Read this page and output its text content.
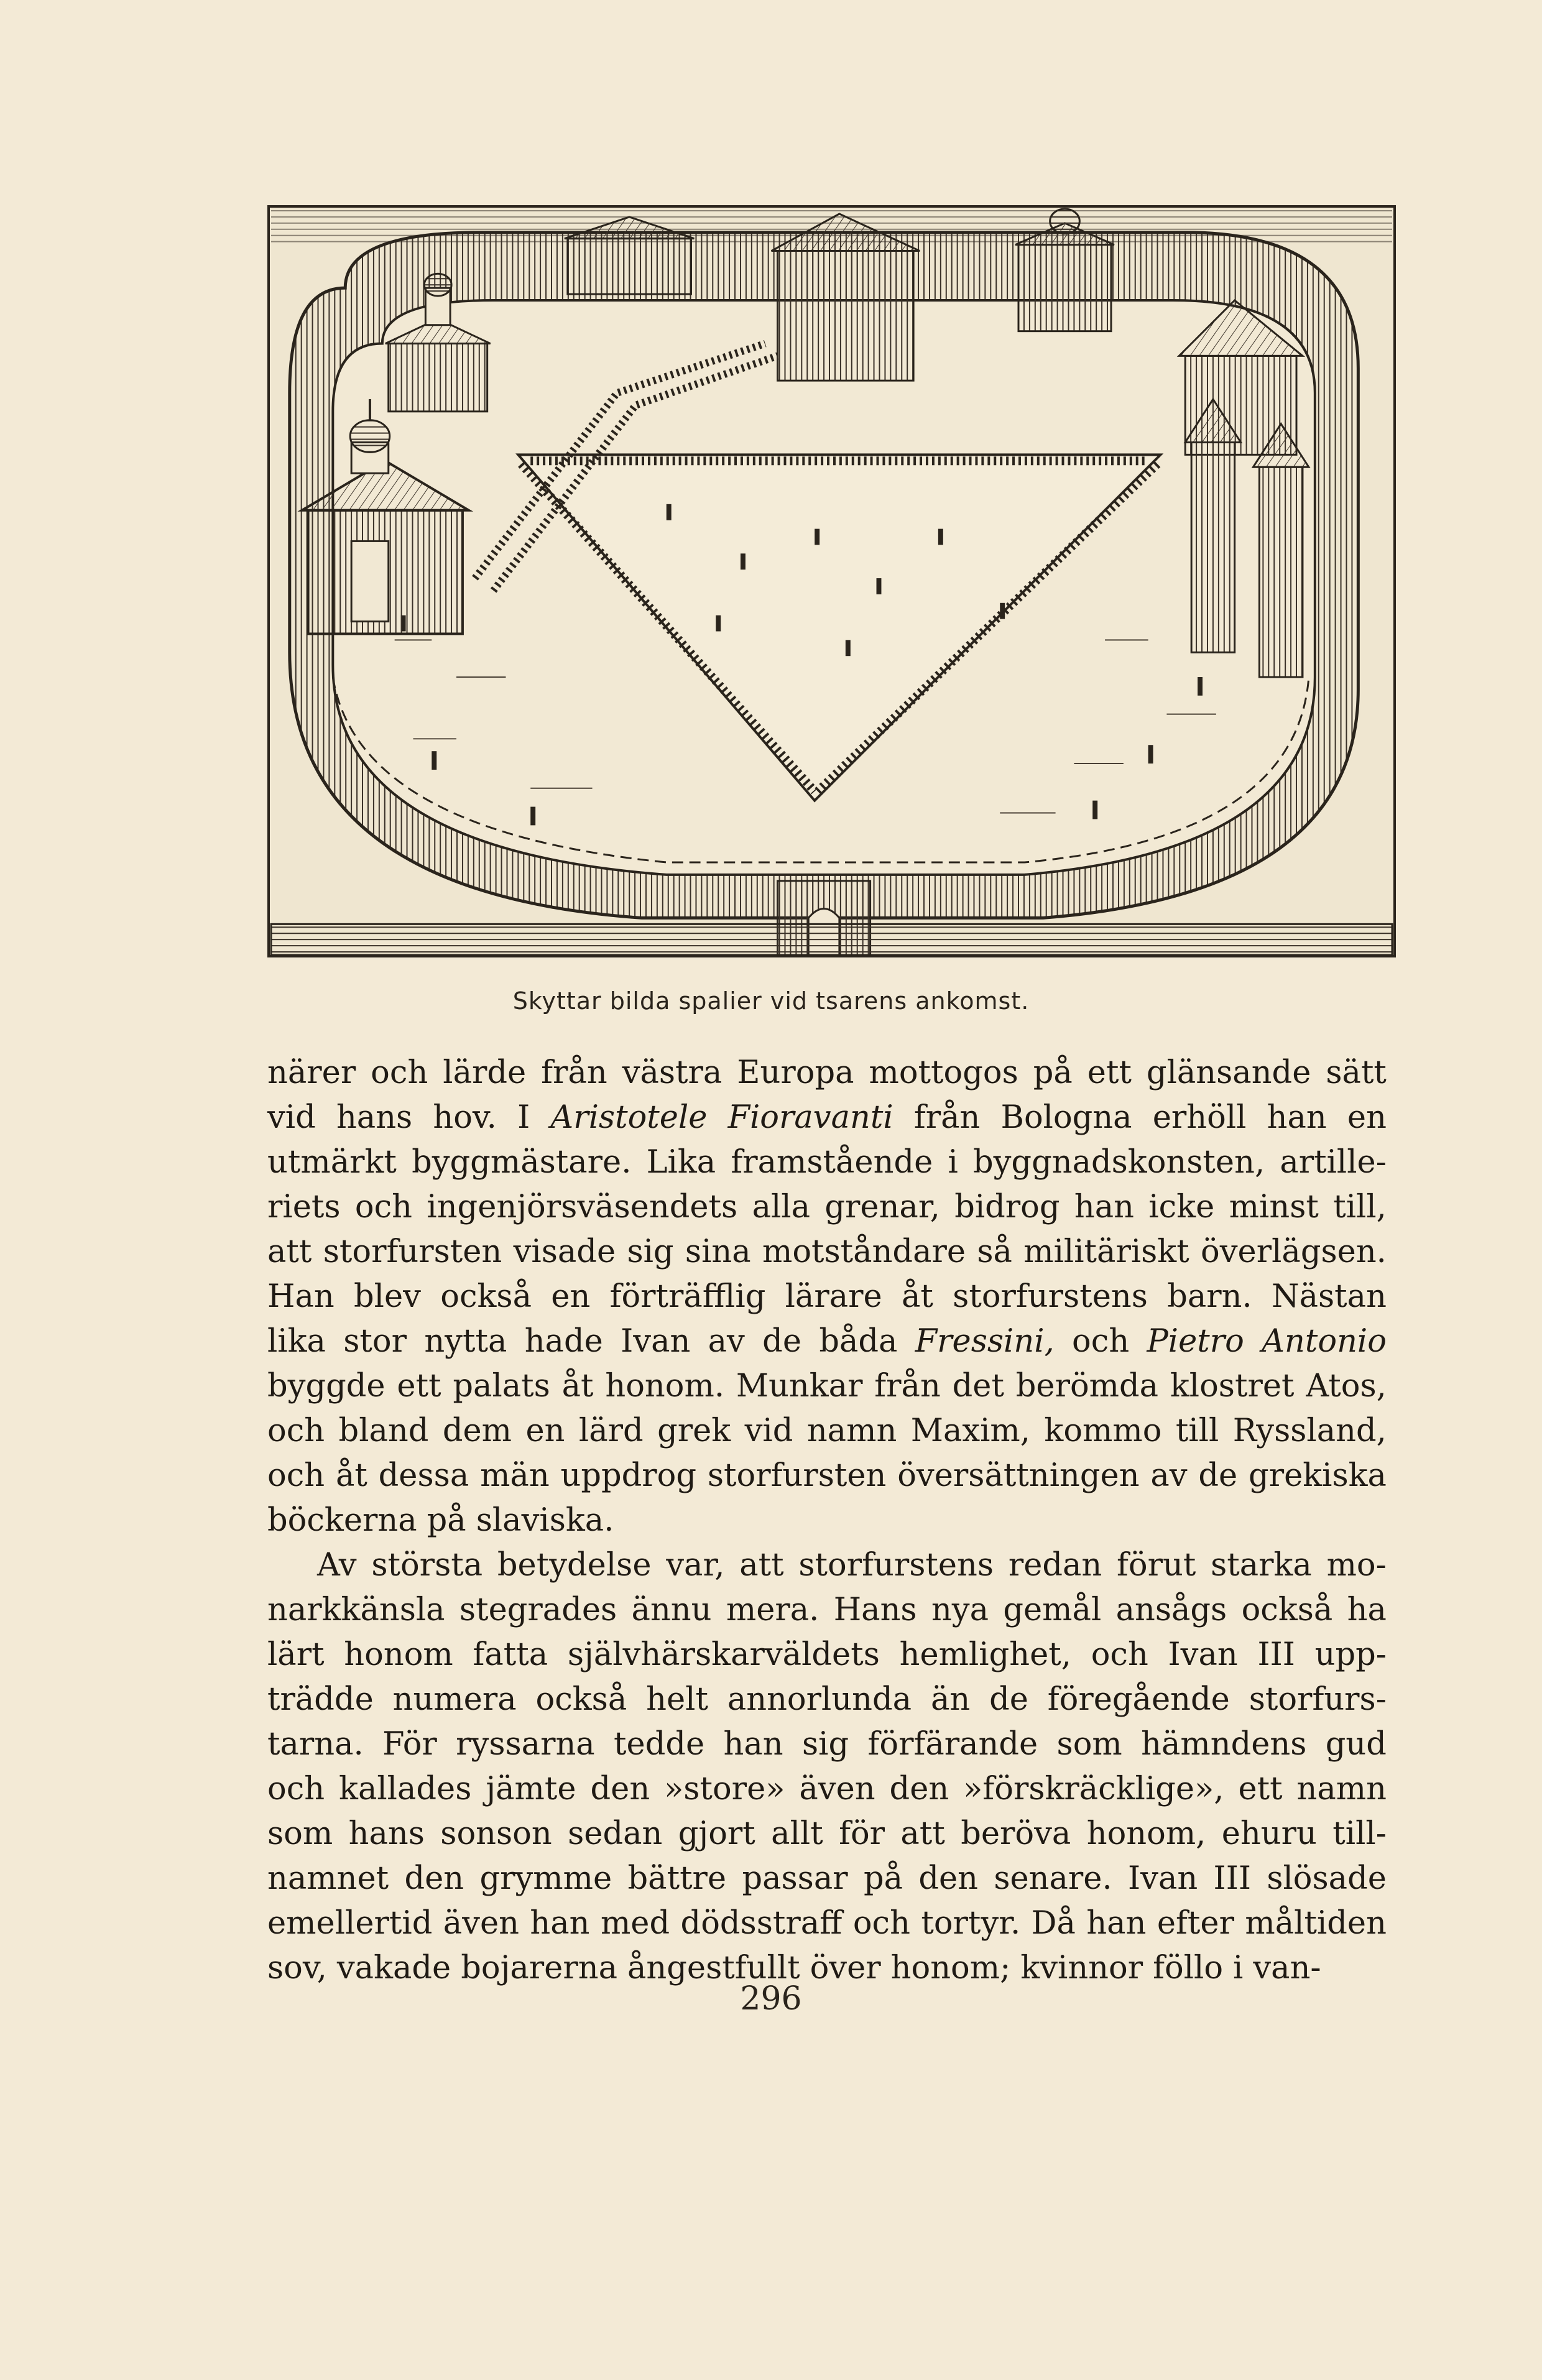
Skyttar bilda spalier vid tsarens ankomst.
närer och lärde från västra Europa mottogos på ett glänsande sätt
vid hans hov. I Aristotele Fioravanti från Bologna erhöll han en
utmärkt byggmästare. Lika framstående i byggnadskonsten, artille-
riets och ingenjörsväsendets alla grenar, bidrog han icke minst till,
att storfursten visade sig sina motståndare så militäriskt överlägsen.
Han blev också en förträfflig lärare åt storfurstens barn. Nästan
lika stor nytta hade Ivan av de båda Fressini, och Pietro Antonio
byggde ett palats åt honom. Munkar från det berömda klostret Atos,
och bland dem en lärd grek vid namn Maxim, kommo till Ryssland,
och åt dessa män uppdrog storfursten översättningen av de grekiska
böckerna på slaviska.
Av största betydelse var, att storfurstens redan förut starka mo-
narkkänsla stegrades ännu mera. Hans nya gemål ansågs också ha
lärt honom fatta självhärskarväldets hemlighet, och Ivan III upp-
trädde numera också helt annorlunda än de föregående storfurs-
tarna. För ryssarna tedde han sig förfärande som hämndens gud
och kallades jämte den »store» även den »förskräcklige», ett namn
som hans sonson sedan gjort allt för att beröva honom, ehuru till-
namnet den grymme bättre passar på den senare. Ivan III slösade
emellertid även han med dödsstraff och tortyr. Då han efter måltiden
sov, vakade bojarerna ångestfullt över honom; kvinnor föllo i van-
296
